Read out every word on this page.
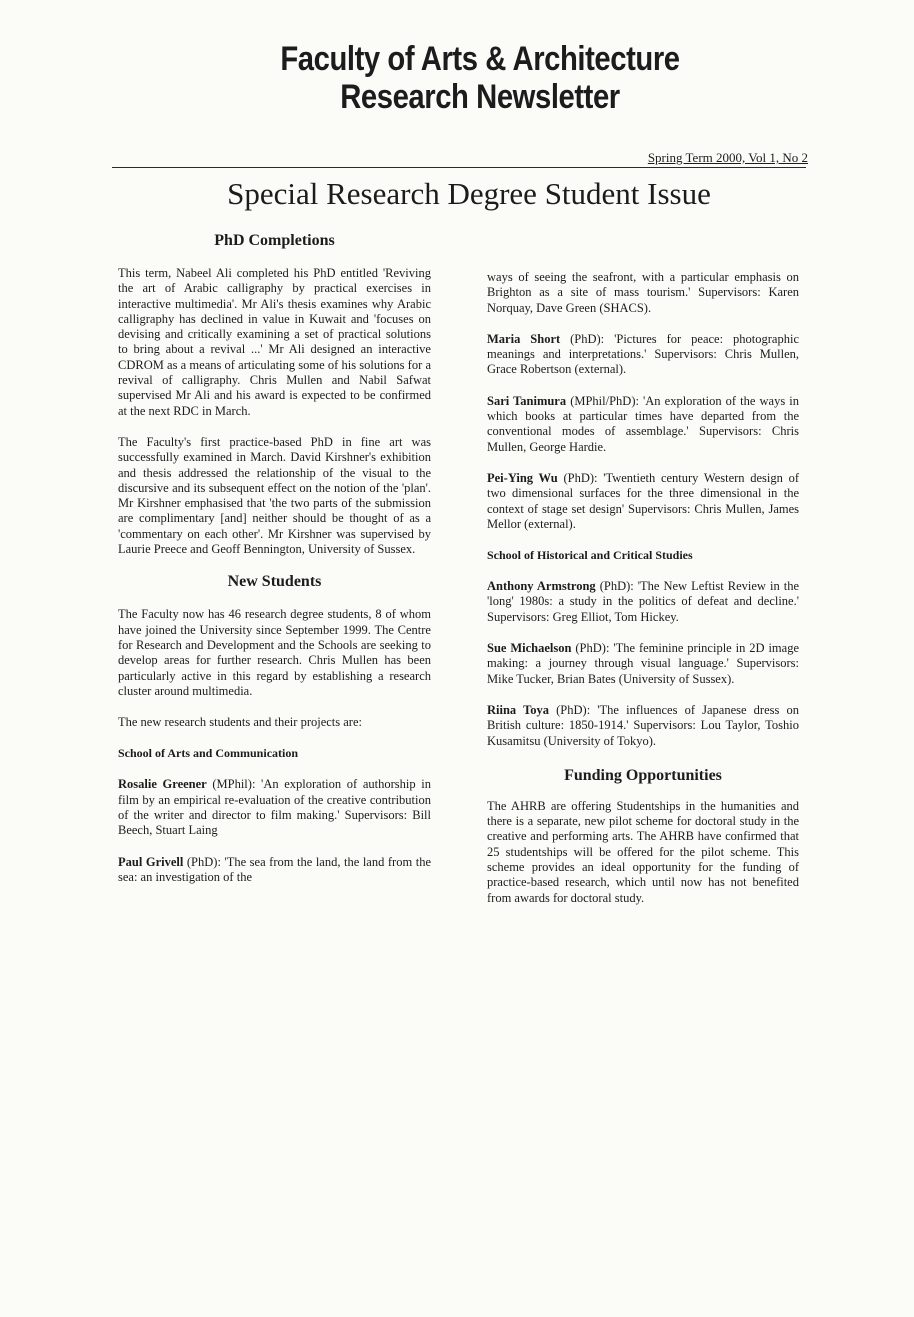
Faculty of Arts & Architecture
Research Newsletter
Spring Term 2000, Vol 1, No 2
Special Research Degree Student Issue
PhD Completions

This term, Nabeel Ali completed his PhD entitled 'Reviving the art of Arabic calligraphy by practical exercises in interactive multimedia'. Mr Ali's thesis examines why Arabic calligraphy has declined in value in Kuwait and 'focuses on devising and critically examining a set of practical solutions to bring about a revival ...' Mr Ali designed an interactive CDROM as a means of articulating some of his solutions for a revival of calligraphy. Chris Mullen and Nabil Safwat supervised Mr Ali and his award is expected to be confirmed at the next RDC in March.

The Faculty's first practice-based PhD in fine art was successfully examined in March. David Kirshner's exhibition and thesis addressed the relationship of the visual to the discursive and its subsequent effect on the notion of the 'plan'. Mr Kirshner emphasised that 'the two parts of the submission are complimentary [and] neither should be thought of as a 'commentary on each other'. Mr Kirshner was supervised by Laurie Preece and Geoff Bennington, University of Sussex.

New Students

The Faculty now has 46 research degree students, 8 of whom have joined the University since September 1999. The Centre for Research and Development and the Schools are seeking to develop areas for further research. Chris Mullen has been particularly active in this regard by establishing a research cluster around multimedia.

The new research students and their projects are:

School of Arts and Communication

Rosalie Greener (MPhil): 'An exploration of authorship in film by an empirical re-evaluation of the creative contribution of the writer and director to film making.' Supervisors: Bill Beech, Stuart Laing

Paul Grivell (PhD): 'The sea from the land, the land from the sea: an investigation of the

ways of seeing the seafront, with a particular emphasis on Brighton as a site of mass tourism.' Supervisors: Karen Norquay, Dave Green (SHACS).

Maria Short (PhD): 'Pictures for peace: photographic meanings and interpretations.' Supervisors: Chris Mullen, Grace Robertson (external).

Sari Tanimura (MPhil/PhD): 'An exploration of the ways in which books at particular times have departed from the conventional modes of assemblage.' Supervisors: Chris Mullen, George Hardie.

Pei-Ying Wu (PhD): 'Twentieth century Western design of two dimensional surfaces for the three dimensional in the context of stage set design' Supervisors: Chris Mullen, James Mellor (external).

School of Historical and Critical Studies

Anthony Armstrong (PhD): 'The New Leftist Review in the 'long' 1980s: a study in the politics of defeat and decline.' Supervisors: Greg Elliot, Tom Hickey.

Sue Michaelson (PhD): 'The feminine principle in 2D image making: a journey through visual language.' Supervisors: Mike Tucker, Brian Bates (University of Sussex).

Riina Toya (PhD): 'The influences of Japanese dress on British culture: 1850-1914.' Supervisors: Lou Taylor, Toshio Kusamitsu (University of Tokyo).

Funding Opportunities

The AHRB are offering Studentships in the humanities and there is a separate, new pilot scheme for doctoral study in the creative and performing arts. The AHRB have confirmed that 25 studentships will be offered for the pilot scheme. This scheme provides an ideal opportunity for the funding of practice-based research, which until now has not benefited from awards for doctoral study.
